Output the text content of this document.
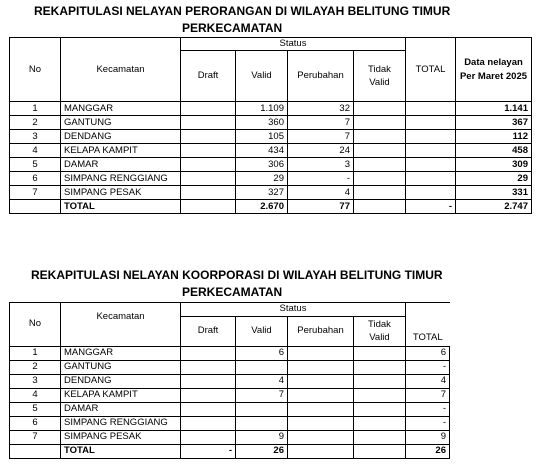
REKAPITULASI NELAYAN PERORANGAN DI WILAYAH BELITUNG TIMUR
PERKECAMATAN
No	Kecamatan	Status				TOTAL	Data nelayan
Per Maret 2025
		Draft	Valid	Perubahan	Tidak
Valid		
1	MANGGAR		1.109	32			1.141
2	GANTUNG		360	7			367
3	DENDANG		105	7			112
4	KELAPA KAMPIT		434	24			458
5	DAMAR		306	3			309
6	SIMPANG RENGGIANG		29	-			29
7	SIMPANG PESAK		327	4			331
	TOTAL		2.670	77		-	2.747
REKAPITULASI NELAYAN KOORPORASI DI WILAYAH BELITUNG TIMUR
PERKECAMATAN
No	Kecamatan	Status				
		Draft	Valid	Perubahan	Tidak
Valid	TOTAL
1	MANGGAR		6			6
2	GANTUNG					-
3	DENDANG		4			4
4	KELAPA KAMPIT		7			7
5	DAMAR					-
6	SIMPANG RENGGIANG					-
7	SIMPANG PESAK		9			9
	TOTAL	-	26			26
